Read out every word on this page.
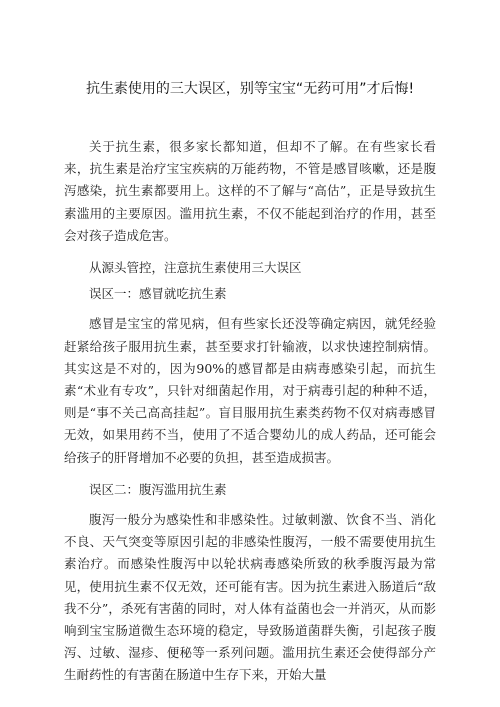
抗生素使用的三大误区，别等宝宝“无药可用”才后悔!

关于抗生素，很多家长都知道，但却不了解。在有些家长看来，抗生素是治疗宝宝疾病的万能药物，不管是感冒咳嗽，还是腹泻感染，抗生素都要用上。这样的不了解与“高估”，正是导致抗生素滥用的主要原因。滥用抗生素，不仅不能起到治疗的作用，甚至会对孩子造成危害。

从源头管控，注意抗生素使用三大误区

误区一：感冒就吃抗生素

感冒是宝宝的常见病，但有些家长还没等确定病因，就凭经验赶紧给孩子服用抗生素，甚至要求打针输液，以求快速控制病情。其实这是不对的，因为90%的感冒都是由病毒感染引起，而抗生素“术业有专攻”，只针对细菌起作用，对于病毒引起的种种不适，则是“事不关己高高挂起”。盲目服用抗生素类药物不仅对病毒感冒无效，如果用药不当，使用了不适合婴幼儿的成人药品，还可能会给孩子的肝肾增加不必要的负担，甚至造成损害。

误区二：腹泻滥用抗生素

腹泻一般分为感染性和非感染性。过敏刺激、饮食不当、消化不良、天气突变等原因引起的非感染性腹泻，一般不需要使用抗生素治疗。而感染性腹泻中以轮状病毒感染所致的秋季腹泻最为常见，使用抗生素不仅无效，还可能有害。因为抗生素进入肠道后“敌我不分”，杀死有害菌的同时，对人体有益菌也会一并消灭，从而影响到宝宝肠道微生态环境的稳定，导致肠道菌群失衡，引起孩子腹泻、过敏、湿疹、便秘等一系列问题。滥用抗生素还会使得部分产生耐药性的有害菌在肠道中生存下来，开始大量
